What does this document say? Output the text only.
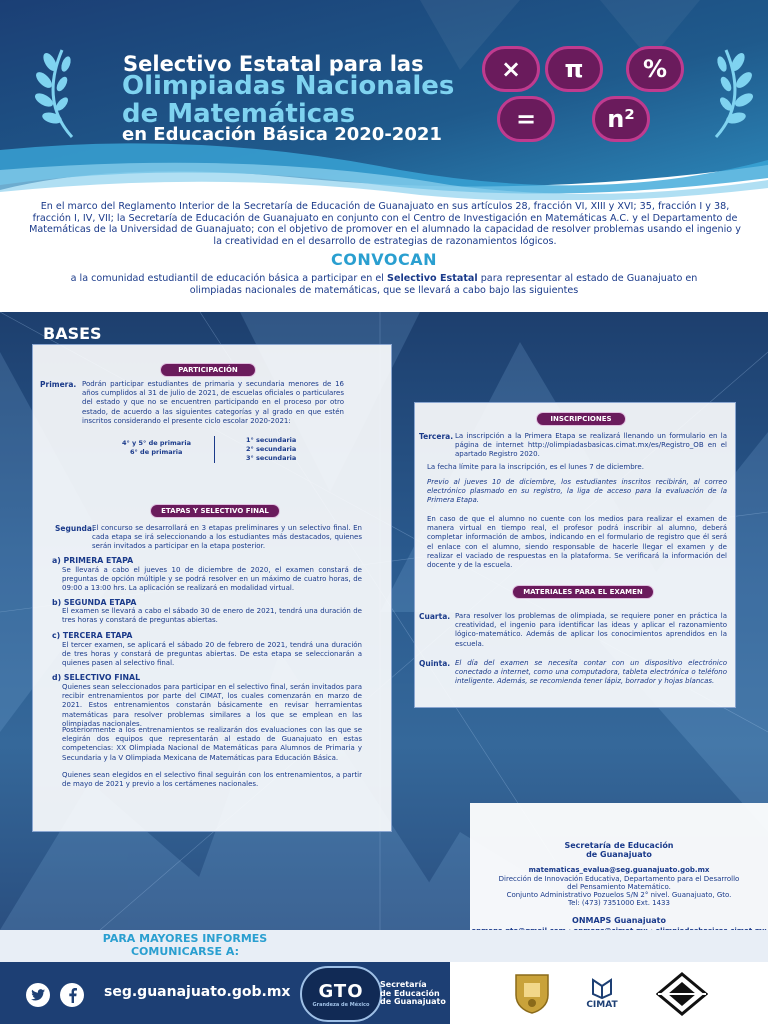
Selectivo Estatal para las
Olimpiadas Nacionales
de Matemáticas
en Educación Básica 2020-2021
×	π	%
=	n²
En el marco del Reglamento Interior de la Secretaría de Educación de Guanajuato en sus artículos 28, fracción VI, XIII y XVI; 35, fracción I y 38, fracción I, IV, VII; la Secretaría de Educación de Guanajuato en conjunto con el Centro de Investigación en Matemáticas A.C. y el Departamento de Matemáticas de la Universidad de Guanajuato; con el objetivo de promover en el alumnado la capacidad de resolver problemas usando el ingenio y la creatividad en el desarrollo de estrategias de razonamientos lógicos.
CONVOCAN
a la comunidad estudiantil de educación básica a participar en el Selectivo Estatal para representar al estado de Guanajuato en olimpiadas nacionales de matemáticas, que se llevará a cabo bajo las siguientes
BASES
PARTICIPACIÓN
Primera. Podrán participar estudiantes de primaria y secundaria menores de 16 años cumplidos al 31 de julio de 2021, de escuelas oficiales o particulares del estado y que no se encuentren participando en el proceso por otro estado, de acuerdo a las siguientes categorías y al grado en que estén inscritos considerando el presente ciclo escolar 2020-2021:
4° y 5° de primaria
6° de primaria
1° secundaria
2° secundaria
3° secundaria
ETAPAS Y SELECTIVO FINAL
Segunda.
El concurso se desarrollará en 3 etapas preliminares y un selectivo final. En cada etapa se irá seleccionando a los estudiantes más destacados, quienes serán invitados a participar en la etapa posterior.
a) PRIMERA ETAPA
Se llevará a cabo el jueves 10 de diciembre de 2020, el examen constará de preguntas de opción múltiple y se podrá resolver en un máximo de cuatro horas, de 09:00 a 13:00 hrs. La aplicación se realizará en modalidad virtual.
b) SEGUNDA ETAPA
El examen se llevará a cabo el sábado 30 de enero de 2021, tendrá una duración de tres horas y constará de preguntas abiertas.
c) TERCERA ETAPA
El tercer examen, se aplicará el sábado 20 de febrero de 2021, tendrá una duración de tres horas y constará de preguntas abiertas. De esta etapa se seleccionarán a quienes pasen al selectivo final.
d) SELECTIVO FINAL
Quienes sean seleccionados para participar en el selectivo final, serán invitados para recibir entrenamientos por parte del CIMAT, los cuales comenzarán en marzo de 2021. Estos entrenamientos constarán básicamente en revisar herramientas matemáticas para resolver problemas similares a los que se emplean en las olimpiadas nacionales.
Posteriormente a los entrenamientos se realizarán dos evaluaciones con las que se elegirán dos equipos que representarán al estado de Guanajuato en estas competencias: XX Olimpiada Nacional de Matemáticas para Alumnos de Primaria y Secundaria y la V Olimpiada Mexicana de Matemáticas para Educación Básica.
Quienes sean elegidos en el selectivo final seguirán con los entrenamientos, a partir de mayo de 2021 y previo a los certámenes nacionales.
INSCRIPCIONES
Tercera. La inscripción a la Primera Etapa se realizará llenando un formulario en la página de internet http://olimpiadasbasicas.cimat.mx/es/Registro_OB en el apartado Registro 2020.
La fecha límite para la inscripción, es el lunes 7 de diciembre.
Previo al jueves 10 de diciembre, los estudiantes inscritos recibirán, al correo electrónico plasmado en su registro, la liga de acceso para la evaluación de la Primera Etapa.
En caso de que el alumno no cuente con los medios para realizar el examen de manera virtual en tiempo real, el profesor podrá inscribir al alumno, deberá completar información de ambos, indicando en el formulario de registro que él será el enlace con el alumno, siendo responsable de hacerle llegar el examen y de realizar el vaciado de respuestas en la plataforma. Se verificará la información del docente y de la escuela.
MATERIALES PARA EL EXAMEN
Cuarta. Para resolver los problemas de olimpiada, se requiere poner en práctica la creatividad, el ingenio para identificar las ideas y aplicar el razonamiento lógico-matemático. Además de aplicar los conocimientos aprendidos en la escuela.
Quinta. El día del examen se necesita contar con un dispositivo electrónico conectado a internet, como una computadora, tableta electrónica o teléfono inteligente. Además, se recomienda tener lápiz, borrador y hojas blancas.
Secretaría de Educación
de Guanajuato
matematicas_evalua@seg.guanajuato.gob.mx
Dirección de Innovación Educativa, Departamento para el Desarrollo
del Pensamiento Matemático.
Conjunto Administrativo Pozuelos S/N 2° nivel. Guanajuato, Gto.
Tel: (473) 7351000 Ext. 1433
ONMAPS Guanajuato
PARA MAYORES INFORMES
COMUNICARSE A:
seg.guanajuato.gob.mx GTO
Grandeza de México
Secretaría
de Educación
de Guanajuato	CIMAT
